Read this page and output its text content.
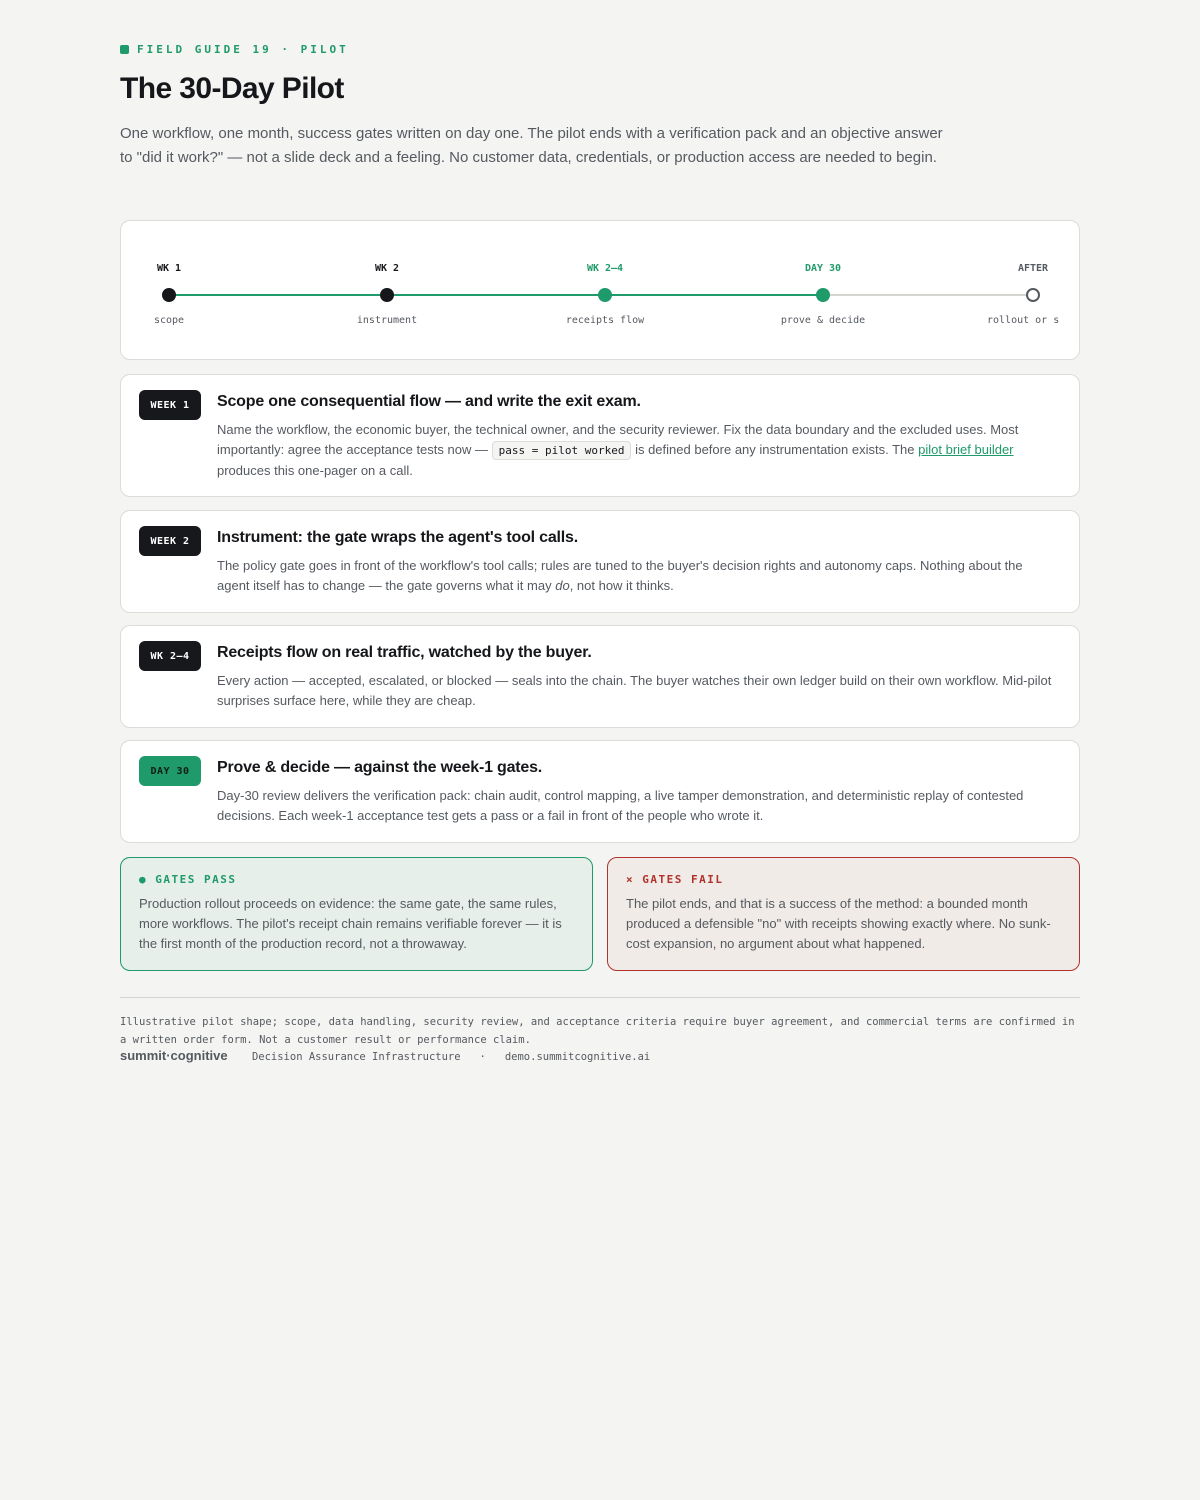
FIELD GUIDE 19 · PILOT
The 30-Day Pilot

One workflow, one month, success gates written on day one. The pilot ends with a verification pack and an objective answer to "did it work?" — not a slide deck and a feeling. No customer data, credentials, or production access are needed to begin.

WK 1
scope
WK 2
instrument
WK 2–4
receipts flow
DAY 30
prove & decide
AFTER
rollout or s
WEEK 1	Scope one consequential flow — and write the exit exam.
Name the workflow, the economic buyer, the technical owner, and the security reviewer. Fix the data boundary and the excluded uses. Most importantly: agree the acceptance tests now — pass = pilot worked is defined before any instrumentation exists. The pilot brief builder produces this one-pager on a call.
WEEK 2	Instrument: the gate wraps the agent's tool calls.
The policy gate goes in front of the workflow's tool calls; rules are tuned to the buyer's decision rights and autonomy caps. Nothing about the agent itself has to change — the gate governs what it may do, not how it thinks.
WK 2–4	Receipts flow on real traffic, watched by the buyer.
Every action — accepted, escalated, or blocked — seals into the chain. The buyer watches their own ledger build on their own workflow. Mid-pilot surprises surface here, while they are cheap.
DAY 30	Prove & decide — against the week-1 gates.
Day-30 review delivers the verification pack: chain audit, control mapping, a live tamper demonstration, and deterministic replay of contested decisions. Each week-1 acceptance test gets a pass or a fail in front of the people who wrote it.
● GATES PASS
Production rollout proceeds on evidence: the same gate, the same rules, more workflows. The pilot's receipt chain remains verifiable forever — it is the first month of the production record, not a throwaway.
× GATES FAIL
The pilot ends, and that is a success of the method: a bounded month produced a defensible "no" with receipts showing exactly where. No sunk-cost expansion, no argument about what happened.
Illustrative pilot shape; scope, data handling, security review, and acceptance criteria require buyer agreement, and commercial terms are confirmed in a written order form. Not a customer result or performance claim.
summit·cognitive Decision Assurance Infrastructure · demo.summitcognitive.ai
